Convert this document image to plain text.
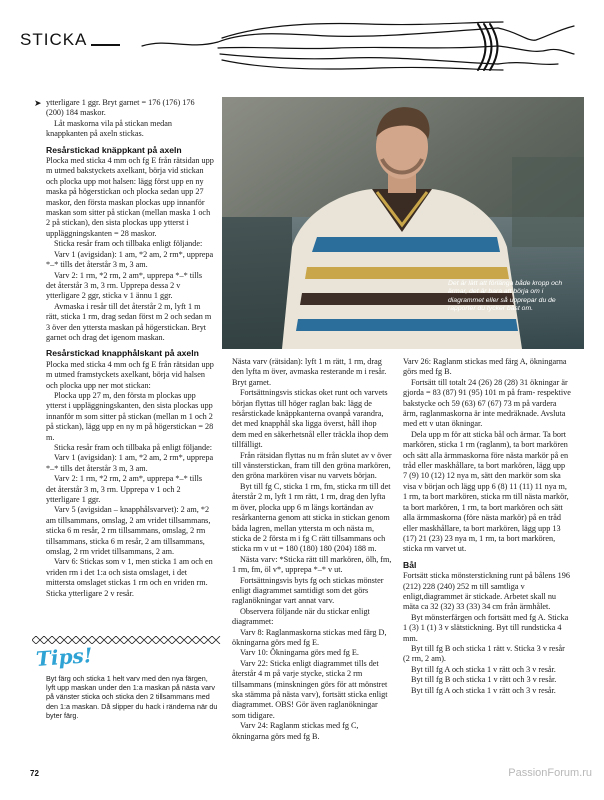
STICKA
➤ ytterligare 1 ggr. Bryt garnet = 176 (176) 176 (200) 184 maskor.

Låt maskorna vila på stickan medan knappkanten på axeln stickas.

Resårstickad knäppkant på axeln

Plocka med sticka 4 mm och fg E från rätsidan upp m utmed bakstyckets axelkant, börja vid stickan och plocka upp mot halsen: lägg först upp en ny maska på högerstickan och plocka sedan upp 27 maskor, den första maskan plockas upp innanför maskan som sitter på stickan (mellan maska 1 och 2 på stickan), den sista plockas upp ytterst i uppläggningskanten = 28 maskor.

Sticka resår fram och tillbaka enligt följande:

Varv 1 (avigsidan): 1 am, *2 am, 2 rm*, upprepa *–* tills det återstår 3 m, 3 am.

Varv 2: 1 rm, *2 rm, 2 am*, upprepa *–* tills det återstår 3 m, 3 rm. Upprepa dessa 2 v ytterligare 2 ggr, sticka v 1 ännu 1 ggr.

Avmaska i resår till det återstår 2 m, lyft 1 m rätt, sticka 1 rm, drag sedan först m 2 och sedan m 3 över den yttersta maskan på högerstickan. Bryt garnet och drag det igenom maskan.

Resårstickad knapphålskant på axeln

Plocka med sticka 4 mm och fg E från rätsidan upp m utmed framstyckets axelkant, börja vid halsen och plocka upp ner mot stickan:

Plocka upp 27 m, den första m plockas upp ytterst i uppläggningskanten, den sista plockas upp innanför m som sitter på stickan (mellan m 1 och 2 på stickan), lägg upp en ny m på högerstickan = 28 m.

Sticka resår fram och tillbaka på enligt följande:

Varv 1 (avigsidan): 1 am, *2 am, 2 rm*, upprepa *–* tills det återstår 3 m, 3 am.

Varv 2: 1 rm, *2 rm, 2 am*, upprepa *–* tills det återstår 3 m, 3 rm. Upprepa v 1 och 2 ytterligare 1 ggr.

Varv 5 (avigsidan – knapphålsvarvet): 2 am, *2 am tillsammans, omslag, 2 am vridet tillsammans, sticka 6 m resår, 2 rm tillsammans, omslag, 2 rm tillsammans, sticka 6 m resår, 2 am tillsammans, omslag, 2 rm vridet tillsammans, 2 am.

Varv 6: Stickas som v 1, men sticka 1 am och en vriden rm i det 1:a och sista omslaget, i det mittersta omslaget stickas 1 rm och en vriden rm. Sticka ytterligare 2 v resår.

Det är lätt att förlänga både kropp och ärmar, det är bara att börja om i diagrammet eller så upprepar du de rapporter du tycker bäst om.

Nästa varv (rätsidan): lyft 1 m rätt, 1 rm, drag den lyfta m över, avmaska resterande m i resår. Bryt garnet.

Fortsättningsvis stickas oket runt och varvets början flyttas till höger raglan bak: lägg de resårstickade knäppkanterna ovanpå varandra, det med knapphål ska ligga överst, håll ihop dem med en säkerhetsnål eller träckla ihop dem tillfälligt.

Från rätsidan flyttas nu m från slutet av v över till vänsterstickan, fram till den gröna markören, den gröna markören visar nu varvets början.

Byt till fg C, sticka 1 rm, fm, sticka rm till det återstår 2 m, lyft 1 rm rätt, 1 rm, drag den lyfta m över, plocka upp 6 m längs kortändan av resårkanterna genom att sticka in stickan genom båda lagren, mellan yttersta m och nästa m, sticka de 2 första m i fg C rätt tillsammans och sticka rm v ut = 180 (180) 180 (204) 188 m.

Nästa varv: *Sticka rätt till markören, ölh, fm, 1 rm, fm, öl v*, upprepa *–* v ut.

Fortsättningsvis byts fg och stickas mönster enligt diagrammet samtidigt som det görs raglanökningar vart annat varv.

Observera följande när du stickar enligt diagrammet:

Varv 8: Raglanmaskorna stickas med färg D, ökningarna görs med fg E.

Varv 10: Ökningarna görs med fg E.

Varv 22: Sticka enligt diagrammet tills det återstår 4 m på varje stycke, sticka 2 rm tillsammans (minskningen görs för att mönstret ska stämma på nästa varv), fortsätt sticka enligt diagrammet. OBS! Gör även raglanökningar som tidigare.

Varv 24: Raglanm stickas med fg C, ökningarna görs med fg B.

Varv 26: Raglanm stickas med färg A, ökningarna görs med fg B.

Fortsätt till totalt 24 (26) 28 (28) 31 ökningar är gjorda = 83 (87) 91 (95) 101 m på fram- respektive bakstycke och 59 (63) 67 (67) 73 m på vardera ärm, raglanmaskorna är inte medräknade. Avsluta med ett v utan ökningar.

Dela upp m för att sticka bål och ärmar. Ta bort markören, sticka 1 rm (raglanm), ta bort markören och sätt alla ärmmaskorna före nästa markör på en tråd eller maskhållare, ta bort markören, lägg upp 7 (9) 10 (12) 12 nya m, sätt den markör som ska visa v början och lägg upp 6 (8) 11 (11) 11 nya m, 1 rm, ta bort markören, sticka rm till nästa markör, ta bort markören, 1 rm, ta bort markören och sätt alla ärmmaskorna (före nästa markör) på en tråd eller maskhållare, ta bort markören, lägg upp 13 (17) 21 (23) 23 nya m, 1 rm, ta bort markören, sticka rm varvet ut.

Bål

Fortsätt sticka mönsterstickning runt på bålens 196 (212) 228 (240) 252 m till samtliga v enligt,diagrammet är stickade. Arbetet skall nu mäta ca 32 (32) 33 (33) 34 cm från ärmhålet.

Byt mönsterfärgen och fortsätt med fg A. Sticka 1 (3) 1 (1) 3 v slätstickning. Byt till rundsticka 4 mm.

Byt till fg B och sticka 1 rätt v. Sticka 3 v resår (2 rm, 2 am).

Byt till fg A och sticka 1 v rätt och 3 v resår.

Byt till fg B och sticka 1 v rätt och 3 v resår.

Byt till fg A och sticka 1 v rätt och 3 v resår.

Tips!
Byt färg och sticka 1 helt varv med den nya färgen, lyft upp maskan under den 1:a maskan på nästa varv på vänster sticka och sticka den 2 tillsammans med den 1:a maskan. Då slipper du hack i ränderna när du byter färg.
72	PassionForum.ru
